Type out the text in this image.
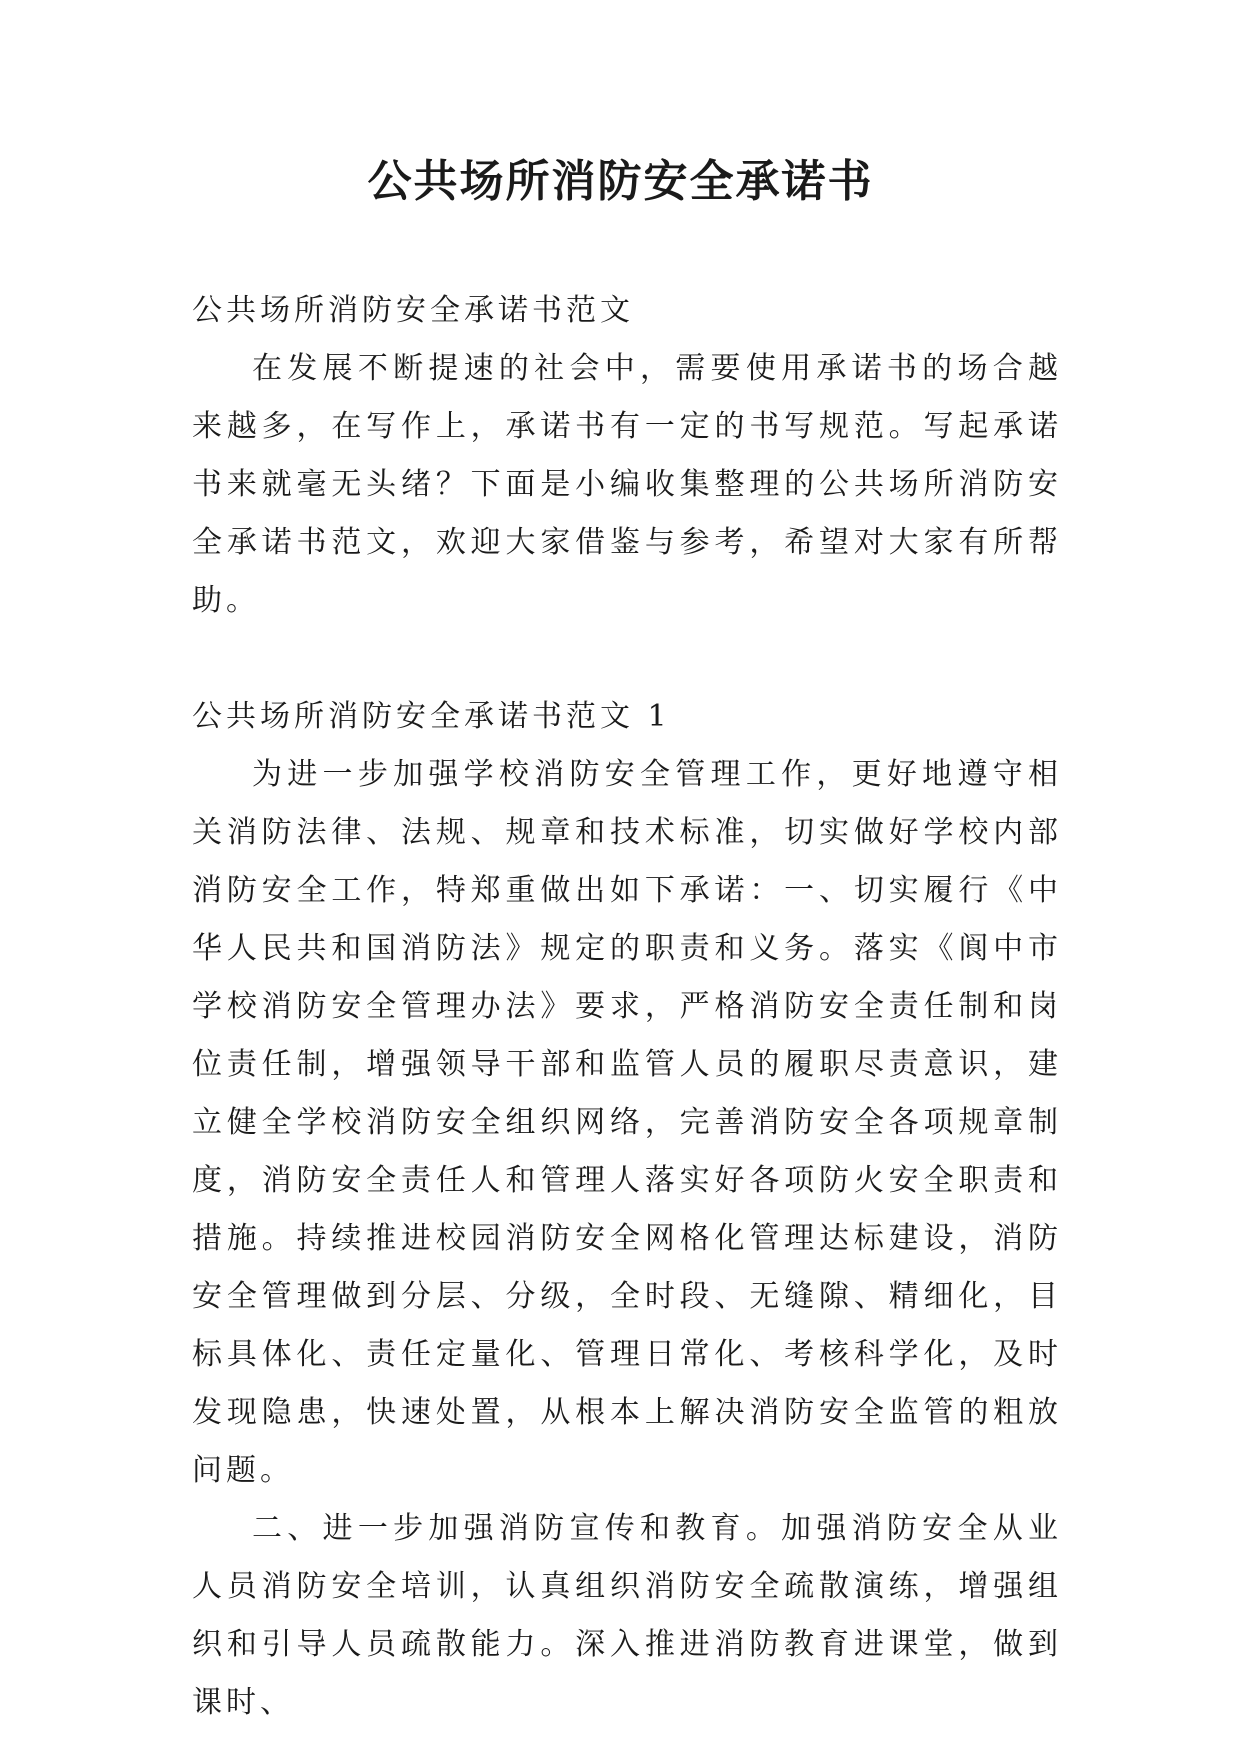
公共场所消防安全承诺书

公共场所消防安全承诺书范文

在发展不断提速的社会中，需要使用承诺书的场合越来越多，在写作上，承诺书有一定的书写规范。写起承诺书来就毫无头绪？下面是小编收集整理的公共场所消防安全承诺书范文，欢迎大家借鉴与参考，希望对大家有所帮助。

公共场所消防安全承诺书范文 1

为进一步加强学校消防安全管理工作，更好地遵守相关消防法律、法规、规章和技术标准，切实做好学校内部消防安全工作，特郑重做出如下承诺：一、切实履行《中华人民共和国消防法》规定的职责和义务。落实《阆中市学校消防安全管理办法》要求，严格消防安全责任制和岗位责任制，增强领导干部和监管人员的履职尽责意识，建立健全学校消防安全组织网络，完善消防安全各项规章制度，消防安全责任人和管理人落实好各项防火安全职责和措施。持续推进校园消防安全网格化管理达标建设，消防安全管理做到分层、分级，全时段、无缝隙、精细化，目标具体化、责任定量化、管理日常化、考核科学化，及时发现隐患，快速处置，从根本上解决消防安全监管的粗放问题。

二、进一步加强消防宣传和教育。加强消防安全从业人员消防安全培训，认真组织消防安全疏散演练，增强组织和引导人员疏散能力。深入推进消防教育进课堂，做到课时、
